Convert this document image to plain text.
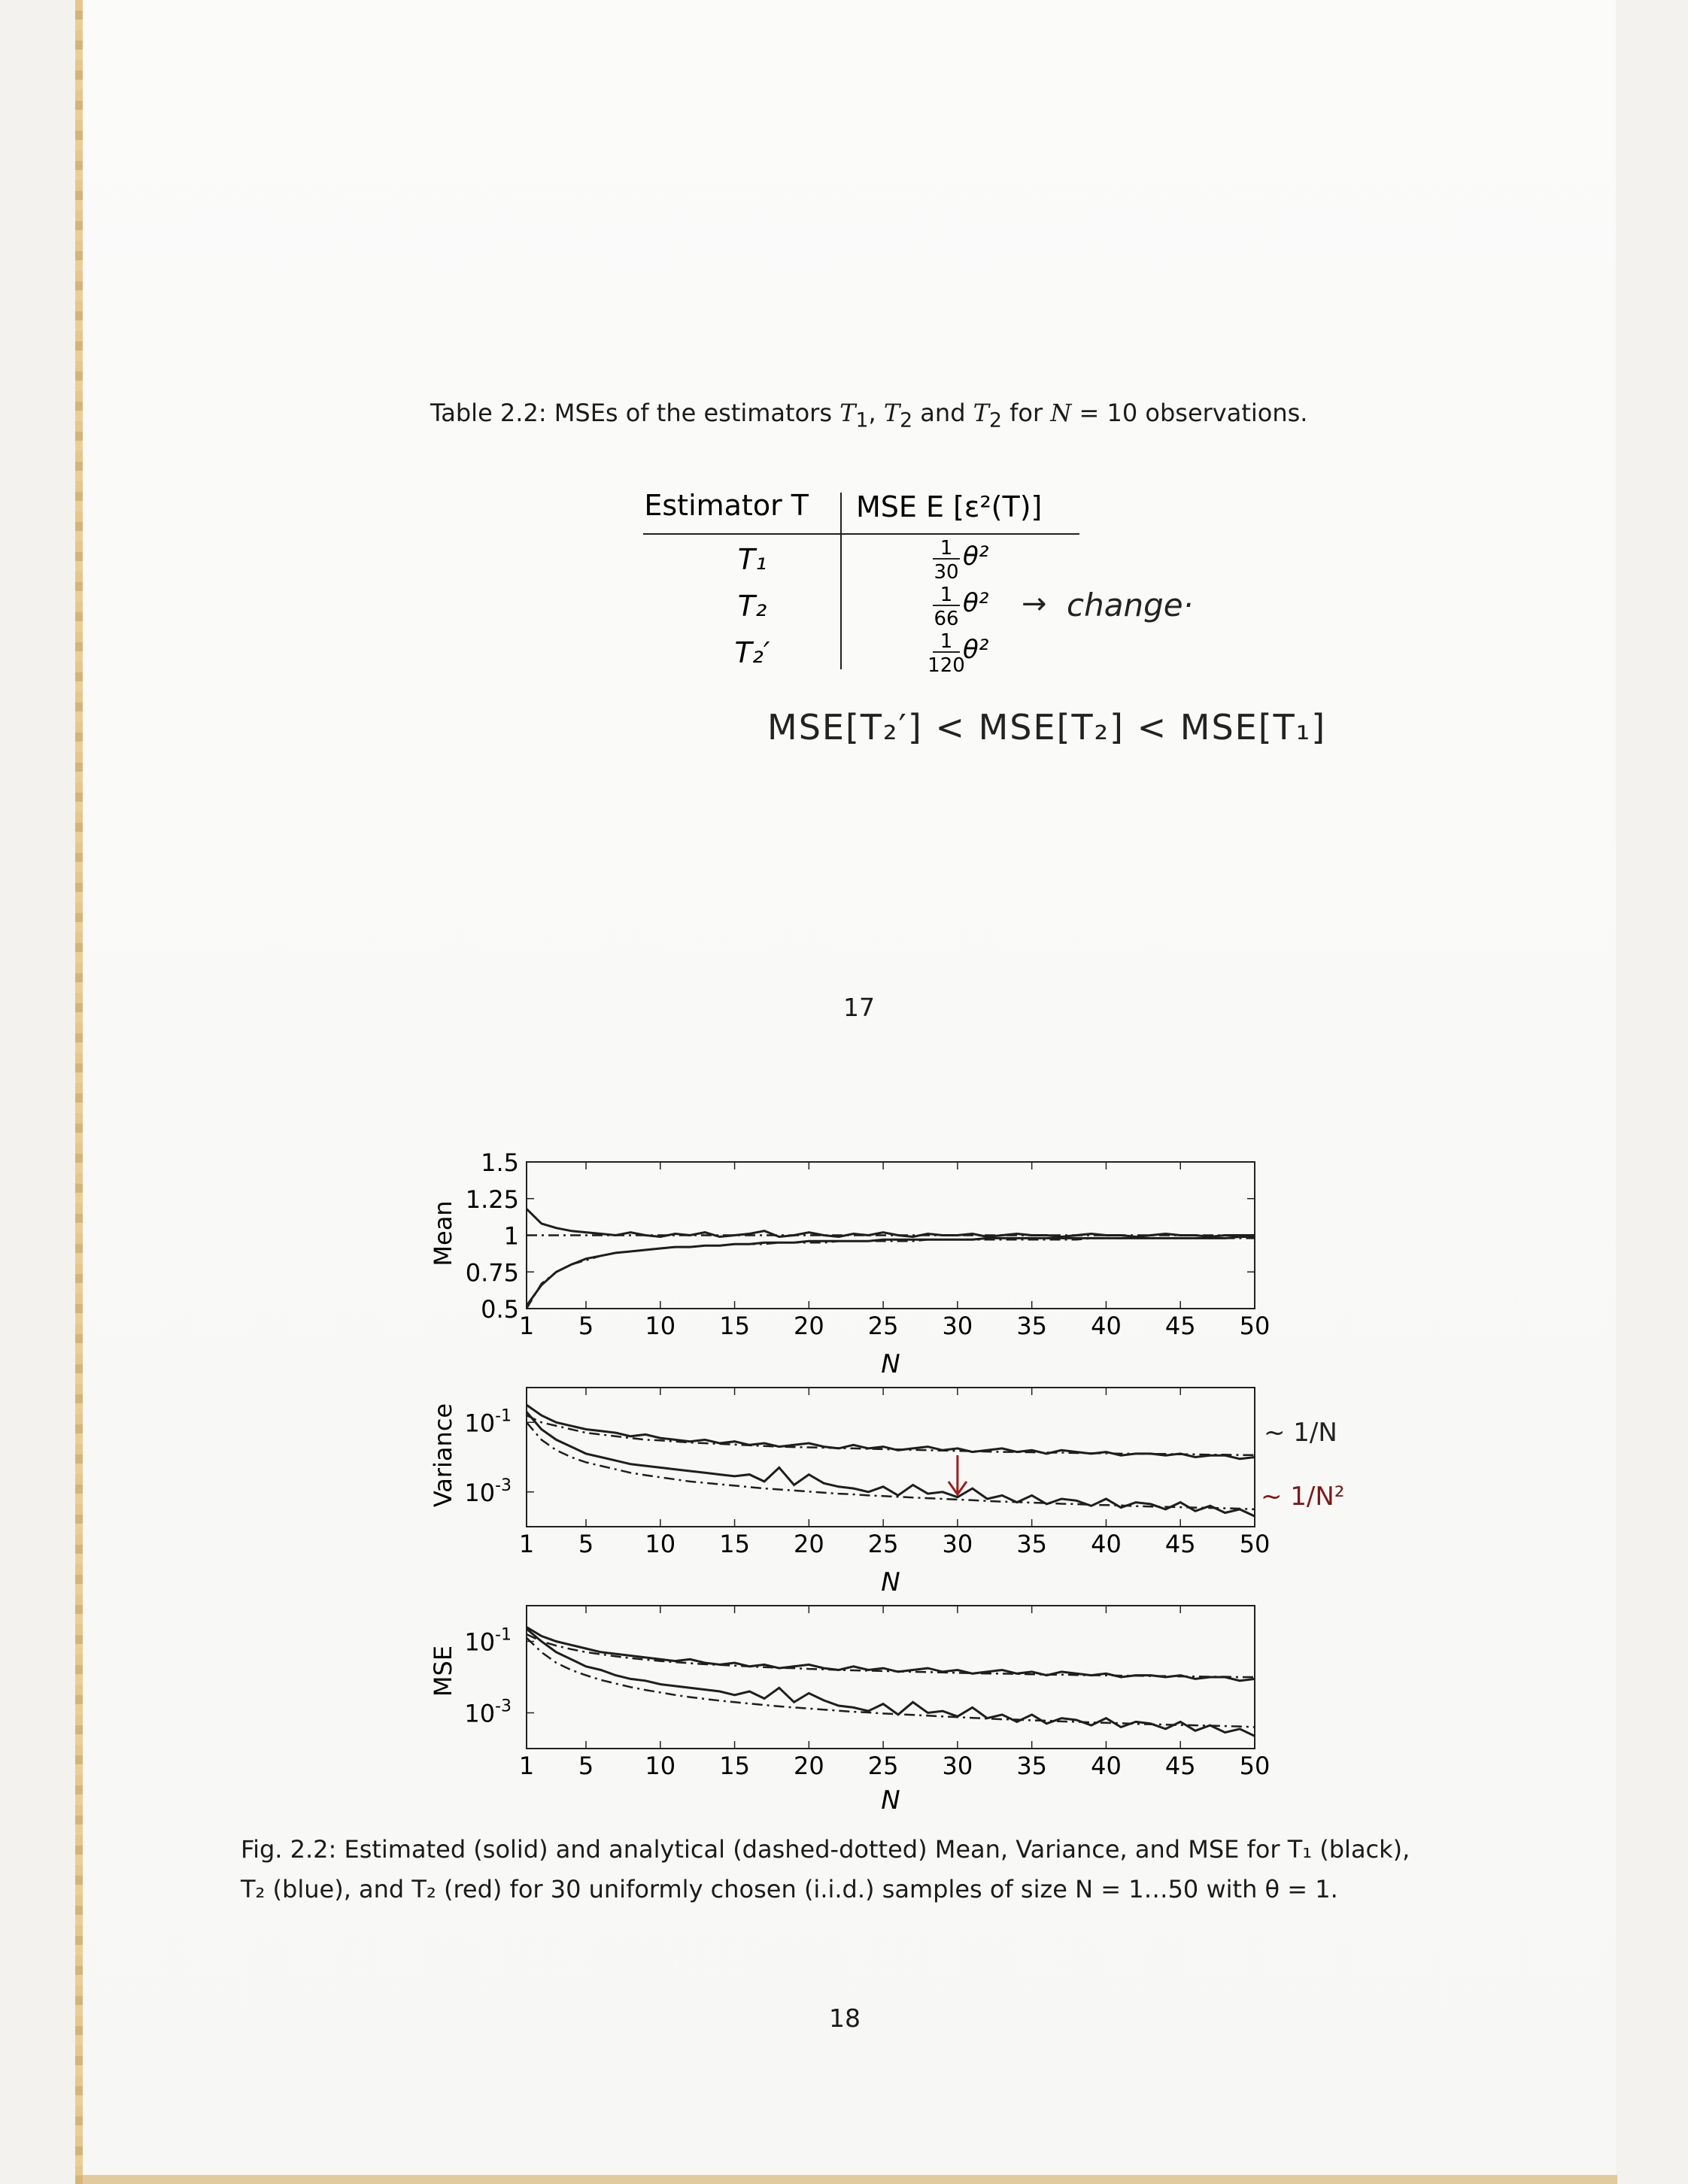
Table 2.2: MSEs of the estimators $T_1$, $T_2$ and $T_2$ for N = 10 observations.
Estimator T MSE E [ε²(T)]
T₁	1
30
θ²
T₂	1
66
θ²
T₂′	1
120
θ²
→ change·
MSE[T₂′] < MSE[T₂] < MSE[T₁]
17
18
1 5 10 15 20 25 30 35 40 45 50
N
Mean
1.5
1.25
1
0.75
0.5
1 5 10 15 20 25 30 35 40 45 50
N
Variance $10^{-1}$
$10^{-3}$
1 5 10 15 20 25 30 35 40 45 50
N
MSE
$10^{-1}$
$10^{-3}$
~ 1/N
~ 1/N²
Fig. 2.2: Estimated (solid) and analytical (dashed-dotted) Mean, Variance, and MSE for T₁ (black),
T₂ (blue), and T₂ (red) for 30 uniformly chosen (i.i.d.) samples of size N = 1…50 with θ = 1.
